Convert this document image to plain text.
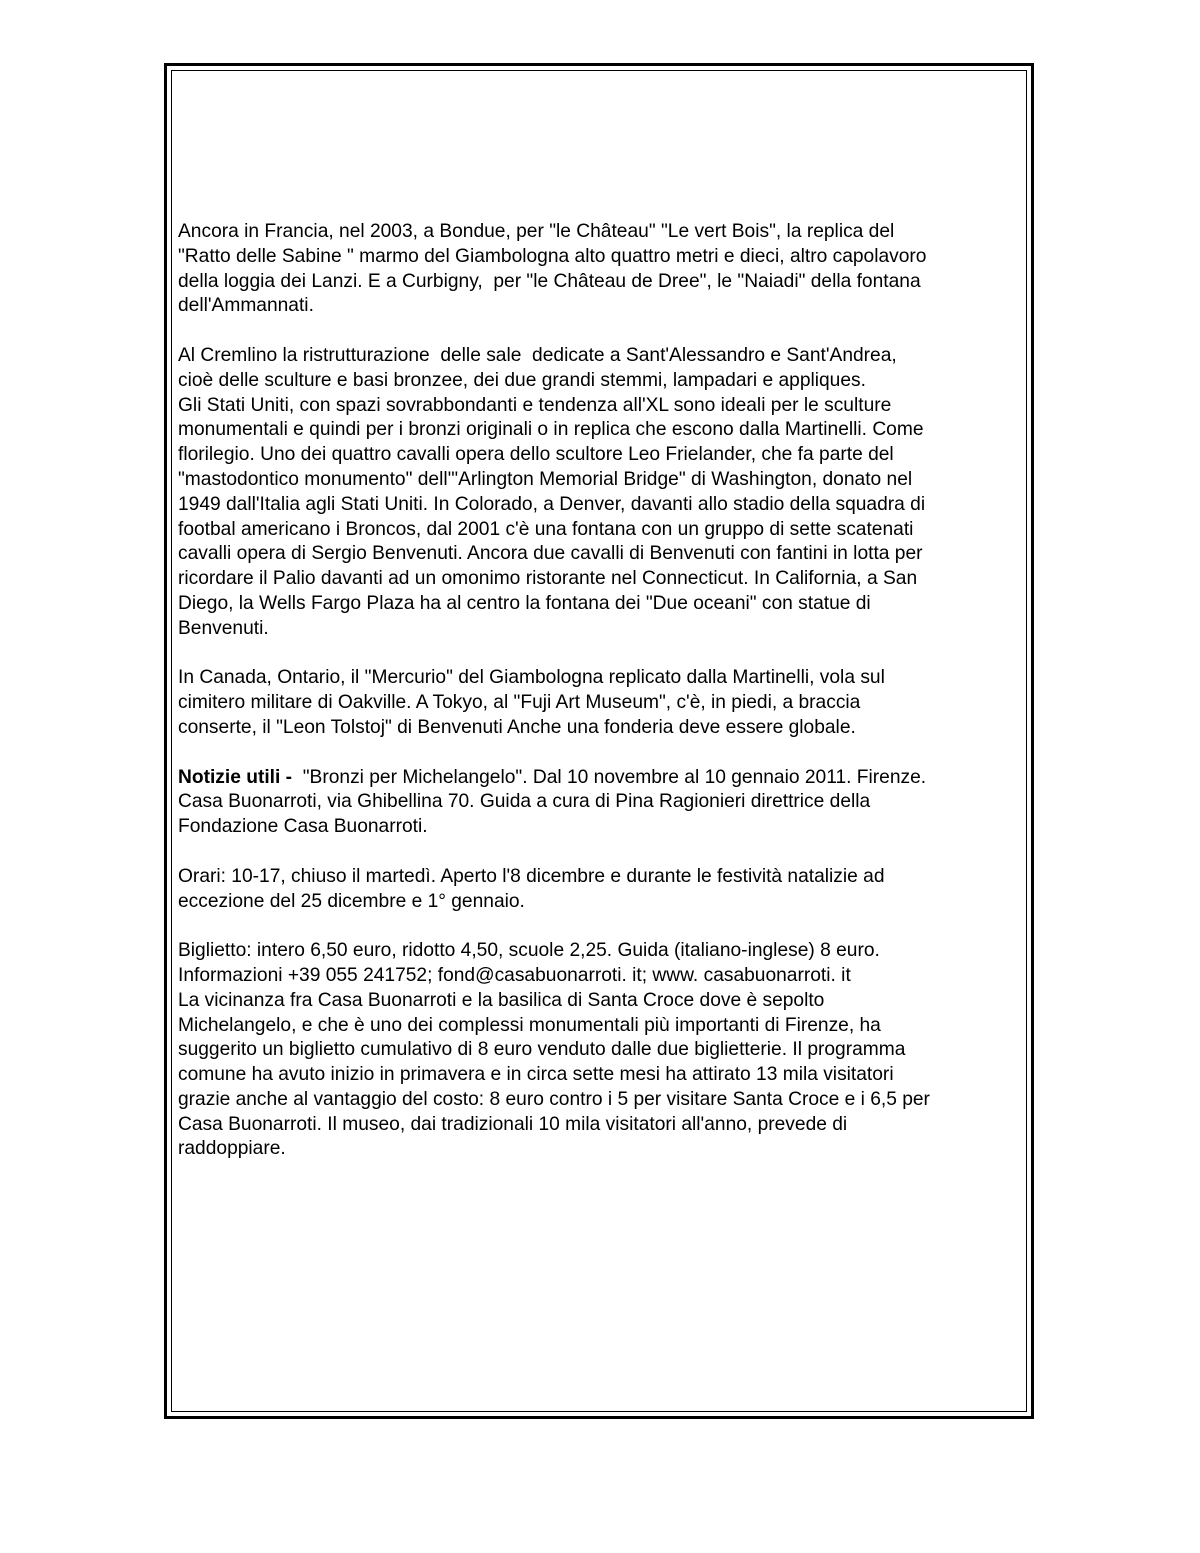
Ancora in Francia, nel 2003, a Bondue, per "le Château" "Le vert Bois", la replica del
"Ratto delle Sabine " marmo del Giambologna alto quattro metri e dieci, altro capolavoro
della loggia dei Lanzi. E a Curbigny,  per "le Château de Dree", le "Naiadi" della fontana
dell'Ammannati.

Al Cremlino la ristrutturazione  delle sale  dedicate a Sant'Alessandro e Sant'Andrea,
cioè delle sculture e basi bronzee, dei due grandi stemmi, lampadari e appliques.
Gli Stati Uniti, con spazi sovrabbondanti e tendenza all'XL sono ideali per le sculture
monumentali e quindi per i bronzi originali o in replica che escono dalla Martinelli. Come
florilegio. Uno dei quattro cavalli opera dello scultore Leo Frielander, che fa parte del
"mastodontico monumento" dell'"Arlington Memorial Bridge" di Washington, donato nel
1949 dall'Italia agli Stati Uniti. In Colorado, a Denver, davanti allo stadio della squadra di
footbal americano i Broncos, dal 2001 c'è una fontana con un gruppo di sette scatenati
cavalli opera di Sergio Benvenuti. Ancora due cavalli di Benvenuti con fantini in lotta per
ricordare il Palio davanti ad un omonimo ristorante nel Connecticut. In California, a San
Diego, la Wells Fargo Plaza ha al centro la fontana dei "Due oceani" con statue di
Benvenuti.

In Canada, Ontario, il "Mercurio" del Giambologna replicato dalla Martinelli, vola sul
cimitero militare di Oakville. A Tokyo, al "Fuji Art Museum", c'è, in piedi, a braccia
conserte, il "Leon Tolstoj" di Benvenuti Anche una fonderia deve essere globale.

Notizie utili -  "Bronzi per Michelangelo". Dal 10 novembre al 10 gennaio 2011. Firenze.
Casa Buonarroti, via Ghibellina 70. Guida a cura di Pina Ragionieri direttrice della
Fondazione Casa Buonarroti.

Orari: 10-17, chiuso il martedì. Aperto l'8 dicembre e durante le festività natalizie ad
eccezione del 25 dicembre e 1° gennaio.

Biglietto: intero 6,50 euro, ridotto 4,50, scuole 2,25. Guida (italiano-inglese) 8 euro.
Informazioni +39 055 241752; fond@casabuonarroti. it; www. casabuonarroti. it
La vicinanza fra Casa Buonarroti e la basilica di Santa Croce dove è sepolto
Michelangelo, e che è uno dei complessi monumentali più importanti di Firenze, ha
suggerito un biglietto cumulativo di 8 euro venduto dalle due biglietterie. Il programma
comune ha avuto inizio in primavera e in circa sette mesi ha attirato 13 mila visitatori
grazie anche al vantaggio del costo: 8 euro contro i 5 per visitare Santa Croce e i 6,5 per
Casa Buonarroti. Il museo, dai tradizionali 10 mila visitatori all'anno, prevede di
raddoppiare.
